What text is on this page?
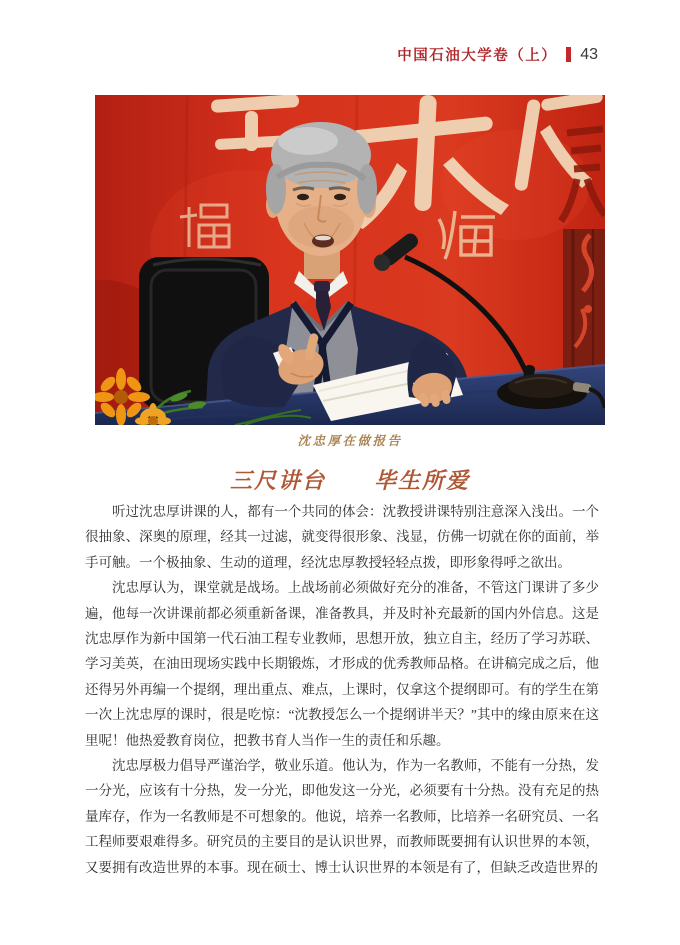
中国石油大学卷（上） 43
沈忠厚在做报告
三尺讲台　　毕生所爱

听过沈忠厚讲课的人，都有一个共同的体会：沈教授讲课特别注意深入浅出。一个很抽象、深奥的原理，经其一过滤，就变得很形象、浅显，仿佛一切就在你的面前，举手可触。一个极抽象、生动的道理，经沈忠厚教授轻轻点拨，即形象得呼之欲出。

沈忠厚认为，课堂就是战场。上战场前必须做好充分的准备，不管这门课讲了多少遍，他每一次讲课前都必须重新备课，准备教具，并及时补充最新的国内外信息。这是沈忠厚作为新中国第一代石油工程专业教师，思想开放，独立自主，经历了学习苏联、学习美英，在油田现场实践中长期锻炼，才形成的优秀教师品格。在讲稿完成之后，他还得另外再编一个提纲，理出重点、难点，上课时，仅拿这个提纲即可。有的学生在第一次上沈忠厚的课时，很是吃惊：“沈教授怎么一个提纲讲半天？”其中的缘由原来在这里呢！他热爱教育岗位，把教书育人当作一生的责任和乐趣。

沈忠厚极力倡导严谨治学，敬业乐道。他认为，作为一名教师，不能有一分热，发一分光，应该有十分热，发一分光，即他发这一分光，必须要有十分热。没有充足的热量库存，作为一名教师是不可想象的。他说，培养一名教师，比培养一名研究员、一名工程师要艰难得多。研究员的主要目的是认识世界，而教师既要拥有认识世界的本领，又要拥有改造世界的本事。现在硕士、博士认识世界的本领是有了，但缺乏改造世界的
